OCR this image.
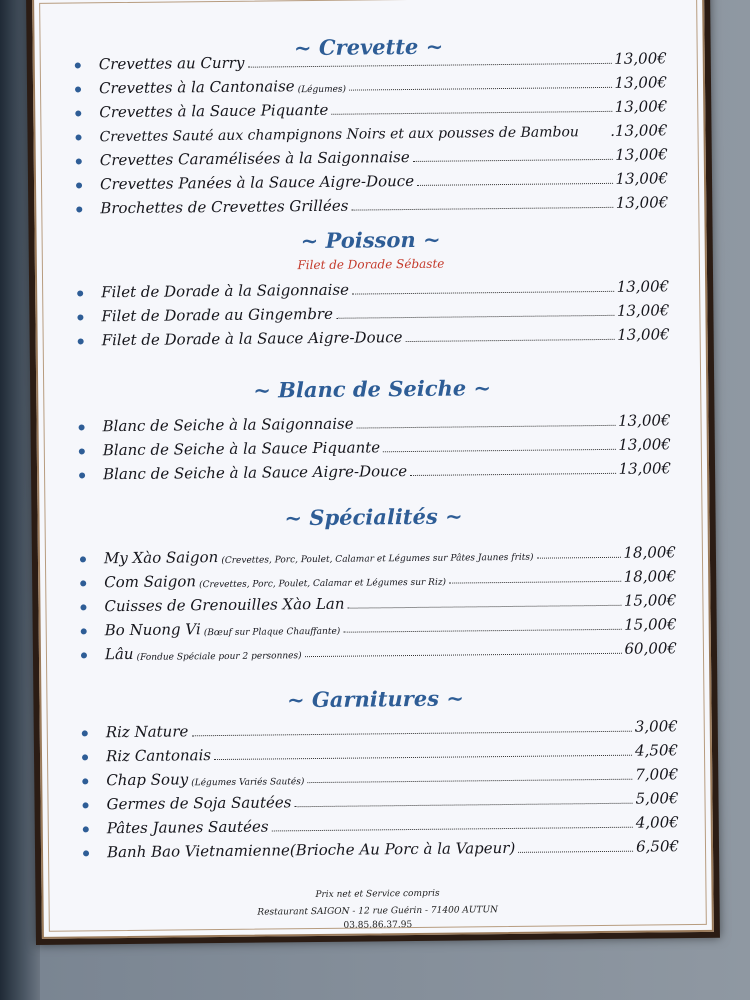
~ Crevette ~
Crevettes au Curry	13,00€
Crevettes à la Cantonaise (Légumes)	13,00€
Crevettes à la Sauce Piquante	13,00€
Crevettes Sauté aux champignons Noirs et aux pousses de Bambou .13,00€
Crevettes Caramélisées à la Saigonnaise	13,00€
Crevettes Panées à la Sauce Aigre-Douce	13,00€
Brochettes de Crevettes Grillées	13,00€
~ Poisson ~
Filet de Dorade Sébaste
Filet de Dorade à la Saigonnaise	13,00€
Filet de Dorade au Gingembre	13,00€
Filet de Dorade à la Sauce Aigre-Douce	13,00€
~ Blanc de Seiche ~
Blanc de Seiche à la Saigonnaise	13,00€
Blanc de Seiche à la Sauce Piquante	13,00€
Blanc de Seiche à la Sauce Aigre-Douce	13,00€
~ Spécialités ~
My Xào Saigon (Crevettes, Porc, Poulet, Calamar et Légumes sur Pâtes Jaunes frits)	18,00€
Com Saigon (Crevettes, Porc, Poulet, Calamar et Légumes sur Riz)	18,00€
Cuisses de Grenouilles Xào Lan	15,00€
Bo Nuong Vi (Bœuf sur Plaque Chauffante)	15,00€
Lâu (Fondue Spéciale pour 2 personnes)	60,00€
~ Garnitures ~
Riz Nature	3,00€
Riz Cantonais	4,50€
Chap Souy (Légumes Variés Sautés)	7,00€
Germes de Soja Sautées	5,00€
Pâtes Jaunes Sautées	4,00€
Banh Bao Vietnamienne(Brioche Au Porc à la Vapeur)	6,50€
Prix net et Service compris
Restaurant SAIGON - 12 rue Guérin - 71400 AUTUN
03.85.86.37.95
